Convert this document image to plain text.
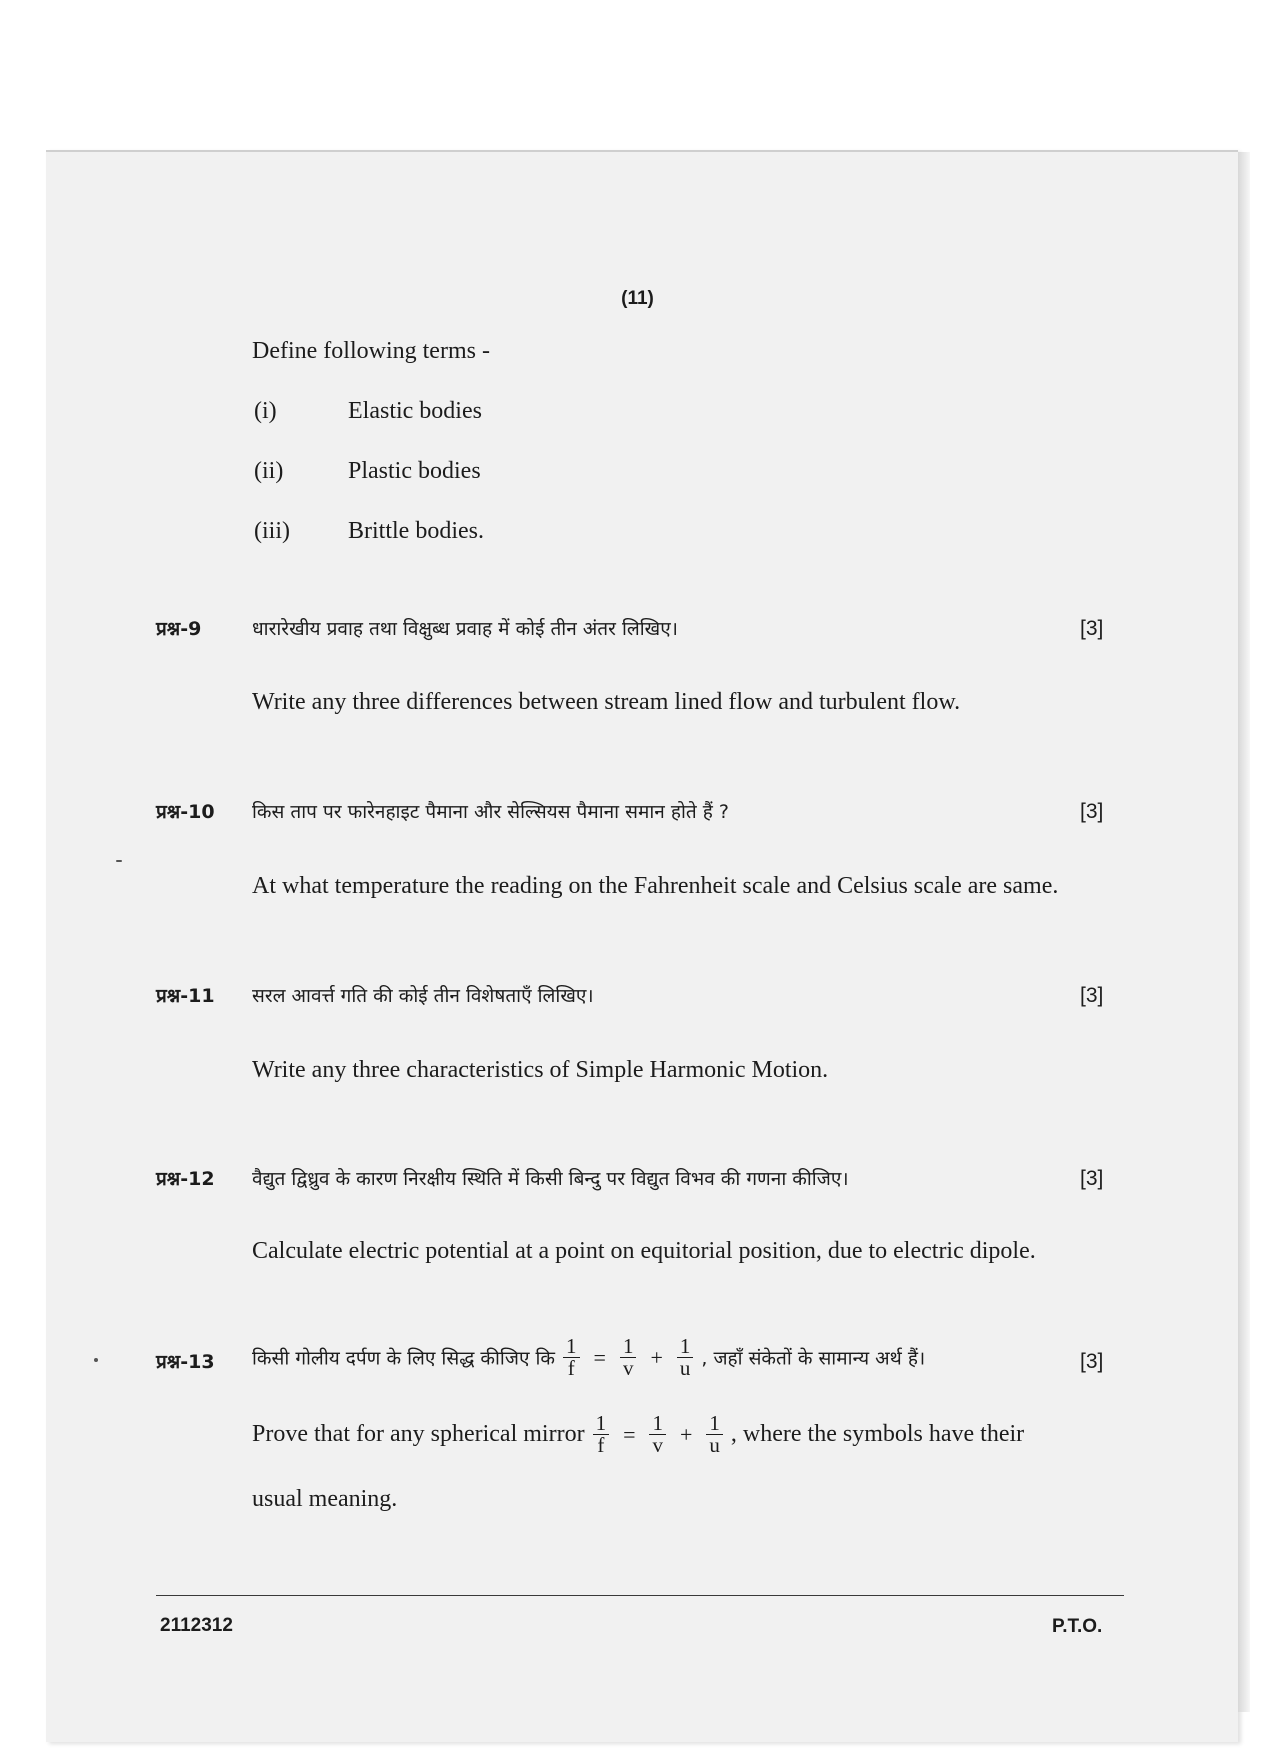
(11)
Define following terms -
(i)	Elastic bodies
(ii)	Plastic bodies
(iii) Brittle bodies.
प्रश्न-9	धारारेखीय प्रवाह तथा विक्षुब्ध प्रवाह में कोई तीन अंतर लिखिए।	[3]
Write any three differences between stream lined flow and turbulent flow.
प्रश्न-10 किस ताप पर फारेनहाइट पैमाना और सेल्सियस पैमाना समान होते हैं ?	[3]
At what temperature the reading on the Fahrenheit scale and Celsius scale are same.
प्रश्न-11 सरल आवर्त्त गति की कोई तीन विशेषताएँ लिखिए।	[3]
Write any three characteristics of Simple Harmonic Motion.
प्रश्न-12 वैद्युत द्विध्रुव के कारण निरक्षीय स्थिति में किसी बिन्दु पर विद्युत विभव की गणना कीजिए।	[3]
Calculate electric potential at a point on equitorial position, due to electric dipole.
प्रश्न-13 किसी गोलीय दर्पण के लिए सिद्ध कीजिए कि $\frac{1}{f} = \frac{1}{v} + \frac{1}{u}$ , जहाँ संकेतों के सामान्य अर्थ हैं।	[3]
Prove that for any spherical mirror $\frac{1}{f} = \frac{1}{v} + \frac{1}{u}$ , where the symbols have their
usual meaning.
2112312	P.T.O.
